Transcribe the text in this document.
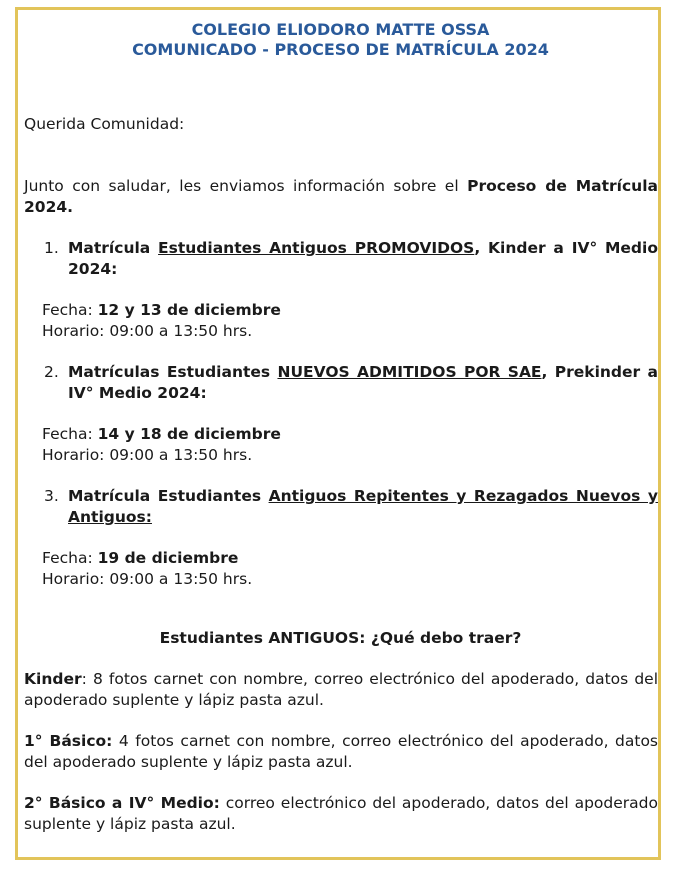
COLEGIO ELIODORO MATTE OSSA
COMUNICADO - PROCESO DE MATRÍCULA 2024
Querida Comunidad:
Junto con saludar, les enviamos información sobre el Proceso de Matrícula 2024.
1. Matrícula Estudiantes Antiguos PROMOVIDOS, Kinder a IV° Medio 2024:
Fecha: 12 y 13 de diciembre
Horario: 09:00 a 13:50 hrs.
2. Matrículas Estudiantes NUEVOS ADMITIDOS POR SAE, Prekinder a IV° Medio 2024:
Fecha: 14 y 18 de diciembre
Horario: 09:00 a 13:50 hrs.
3. Matrícula Estudiantes Antiguos Repitentes y Rezagados Nuevos y Antiguos:
Fecha: 19 de diciembre
Horario: 09:00 a 13:50 hrs.
Estudiantes ANTIGUOS: ¿Qué debo traer?
Kinder: 8 fotos carnet con nombre, correo electrónico del apoderado, datos del apoderado suplente y lápiz pasta azul.
1° Básico: 4 fotos carnet con nombre, correo electrónico del apoderado, datos del apoderado suplente y lápiz pasta azul.
2° Básico a IV° Medio: correo electrónico del apoderado, datos del apoderado suplente y lápiz pasta azul.
